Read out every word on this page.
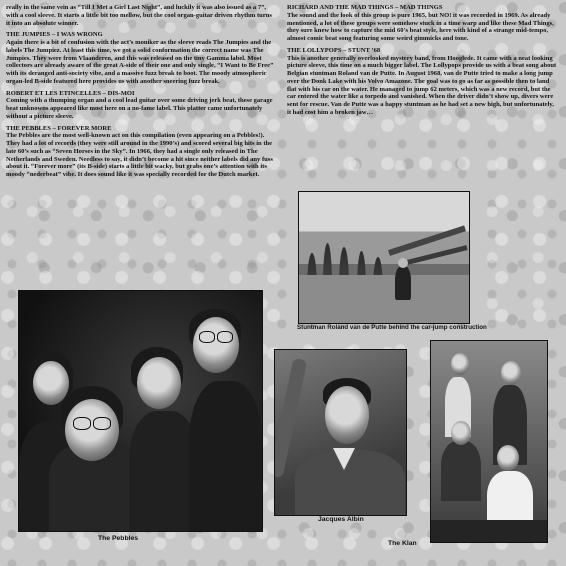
really in the same vein as “Till I Met a Girl Last Night”, and luckily it was also issued as a 7”, with a cool sleeve. It starts a little bit too mellow, but the cool organ-guitar driven rhythm turns it into an absolute winner.

THE JUMPIES – I WAS WRONG

Again there is a bit of confusion with the act’s moniker as the sleeve reads The Jumpies and the labels The Jumpiez. At least this time, we got a solid conformation the correct name was The Jumpies. They were from Vlaanderen, and this was released on the tiny Gamma label. Most collectors are already aware of the great A-side of their one and only single, “I Want to Be Free” with its deranged anti-society vibe, and a massive fuzz break to boot. The moody atmospheric organ-led B-side featured here provides us with another sneering fuzz break.

ROBERT ET LES ETINCELLES – DIS-MOI

Coming with a thumping organ and a cool lead guitar over some driving jerk beat, these garage beat unknowns appeared like most here on a no-fame label. This platter came unfortunately without a picture sleeve.

THE PEBBLES – FOREVER MORE

The Pebbles are the most well-known act on this compilation (even appearing on a Pebbles!). They had a lot of records (they were still around in the 1990’s) and scored several big hits in the late 60’s such as “Seven Horses in the Sky”. In 1966, they had a single only released in The Netherlands and Sweden. Needless to say, it didn’t become a hit since neither labels did any fuss about it. “Forever more” (its B-side) starts a little bit wacky, but grabs one’s attention with its moody “nederbeat” vibe. It does sound like it was specially recorded for the Dutch market.

RICHARD AND THE MAD THINGS – MAD THINGS

The sound and the look of this group is pure 1965, but NO! it was recorded in 1969. As already mentioned, a lot of these groups were somehow stuck in a time warp and like these Mad Things, they sure knew how to capture the mid 60’s beat style, here with kind of a strange mid-tempo, almost comic beat song featuring some weird gimmicks and tone.

THE LOLLYPOPS – STUNT ’68

This is another generally overlooked mystery band, from Hooglede. It came with a neat looking picture sleeve, this time on a much bigger label. The Lollypops provide us with a beat song about Belgian stuntman Roland van de Putte. In August 1968, van de Putte tried to make a long jump over the Donk Lake with his Volvo Amazone. The goal was to go as far as possible then to land flat with his car on the water. He managed to jump 62 meters, which was a new record, but the car entered the water like a torpedo and vanished. When the driver didn’t show up, divers were sent for rescue. Van de Putte was a happy stuntman as he had set a new high, but unfortunately, it had cost him a broken jaw…

Stuntman Roland van de Putte behind the car-jump construction
The Pebbles
Jacques Albin
The Klan
